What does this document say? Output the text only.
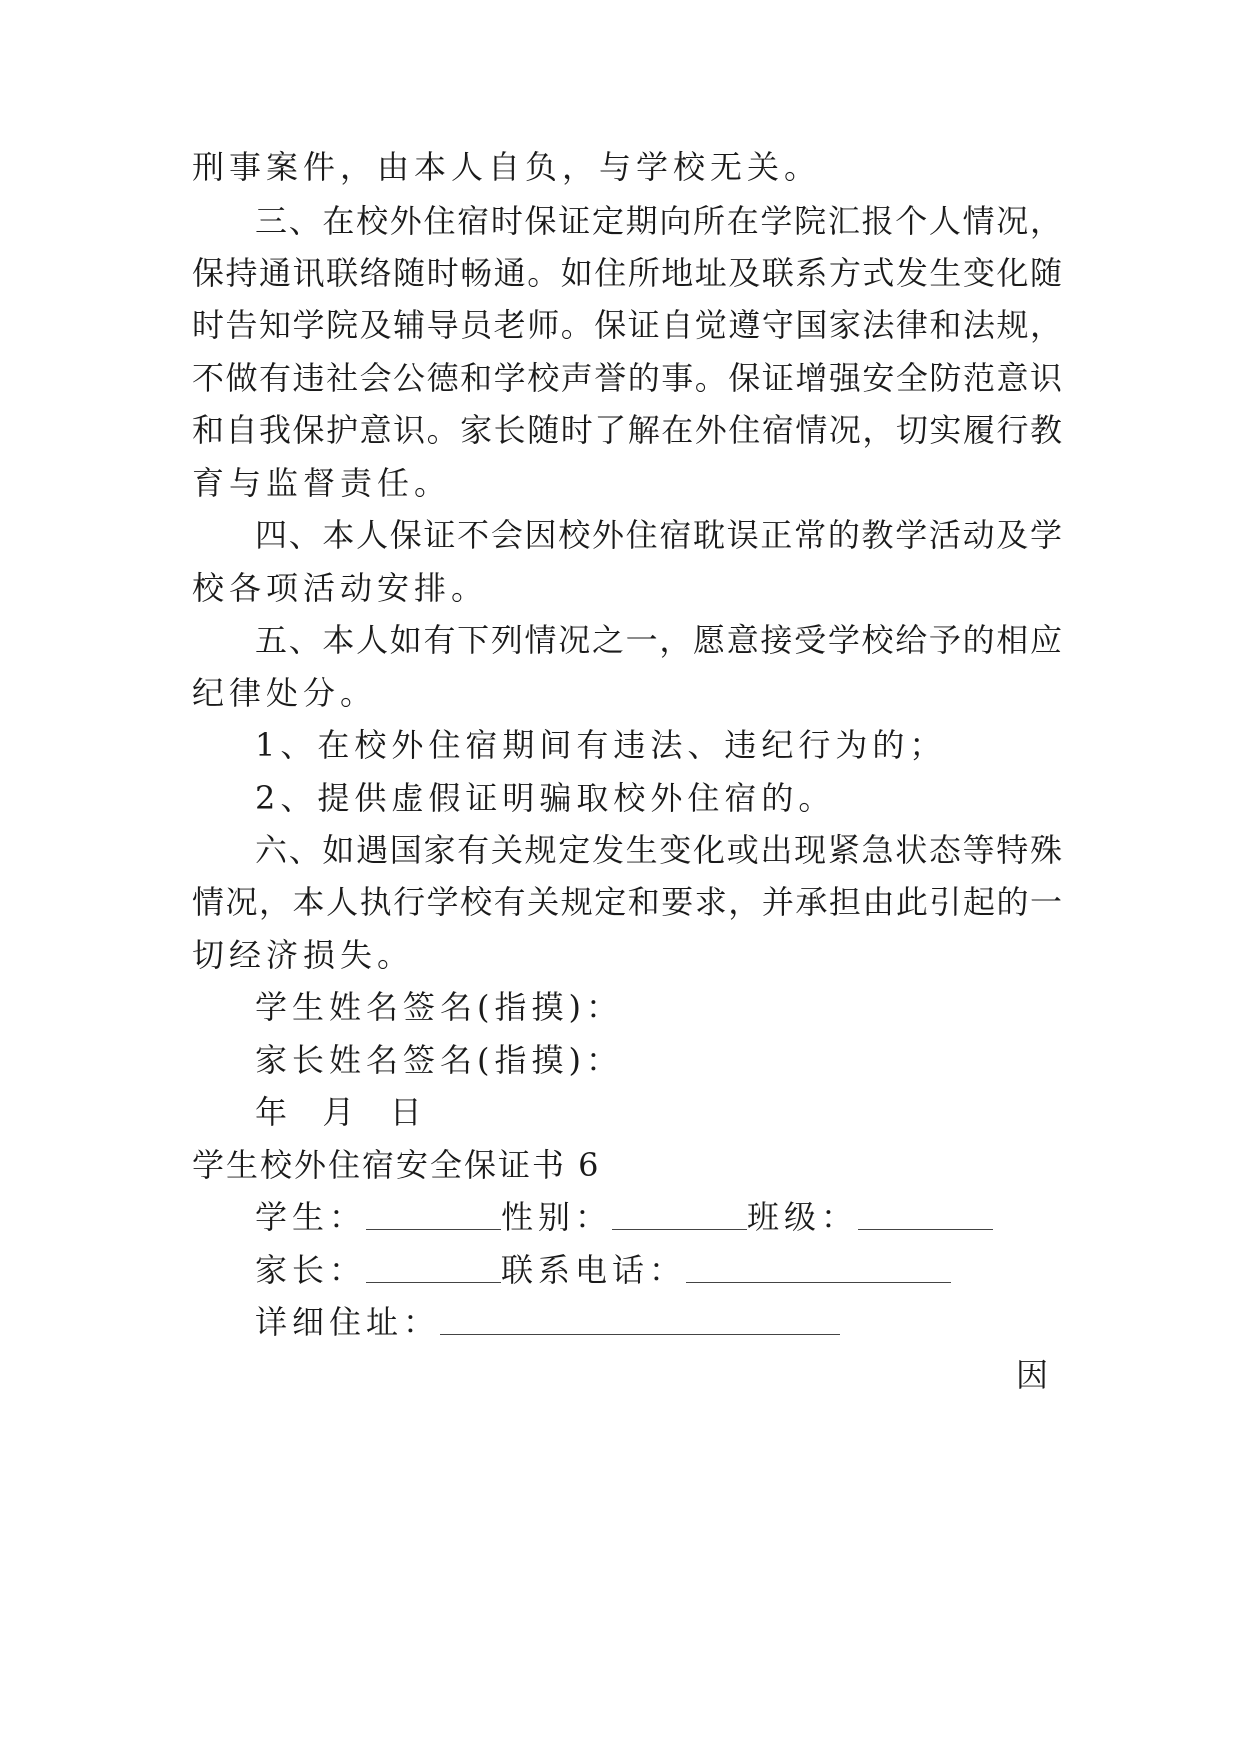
刑事案件，由本人自负，与学校无关。
三、在校外住宿时保证定期向所在学院汇报个人情况，
保持通讯联络随时畅通。如住所地址及联系方式发生变化随
时告知学院及辅导员老师。保证自觉遵守国家法律和法规，
不做有违社会公德和学校声誉的事。保证增强安全防范意识
和自我保护意识。家长随时了解在外住宿情况，切实履行教
育与监督责任。
四、本人保证不会因校外住宿耽误正常的教学活动及学
校各项活动安排。
五、本人如有下列情况之一，愿意接受学校给予的相应
纪律处分。
1、在校外住宿期间有违法、违纪行为的；
2、提供虚假证明骗取校外住宿的。
六、如遇国家有关规定发生变化或出现紧急状态等特殊
情况，本人执行学校有关规定和要求，并承担由此引起的一
切经济损失。
学生姓名签名(指摸)：
家长姓名签名(指摸)：
年  月  日
学生校外住宿安全保证书 6
学生：	性别：	班级：
家长：	联系电话：
详细住址：
因
